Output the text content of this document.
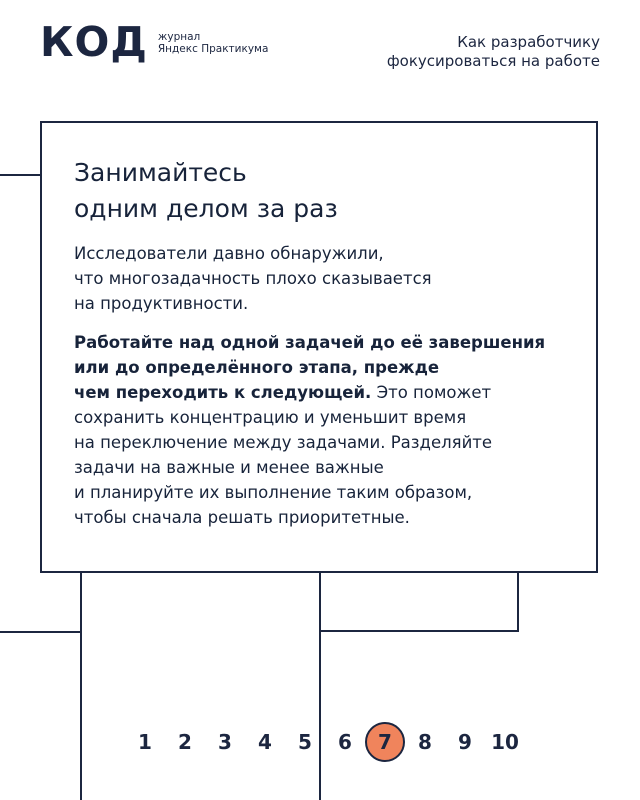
КОД журнал
Яндекс Практикума	Как разработчику
фокусироваться на работе
Занимайтесь
одним делом за раз

Исследователи давно обнаружили,
что многозадачность плохо сказывается
на продуктивности.

Работайте над одной задачей до её завершения
или до определённого этапа, прежде
чем переходить к следующей. Это поможет
сохранить концентрацию и уменьшит время
на переключение между задачами. Разделяйте
задачи на важные и менее важные
и планируйте их выполнение таким образом,
чтобы сначала решать приоритетные.

1	2	3	4	5	6	7	8	9 10
